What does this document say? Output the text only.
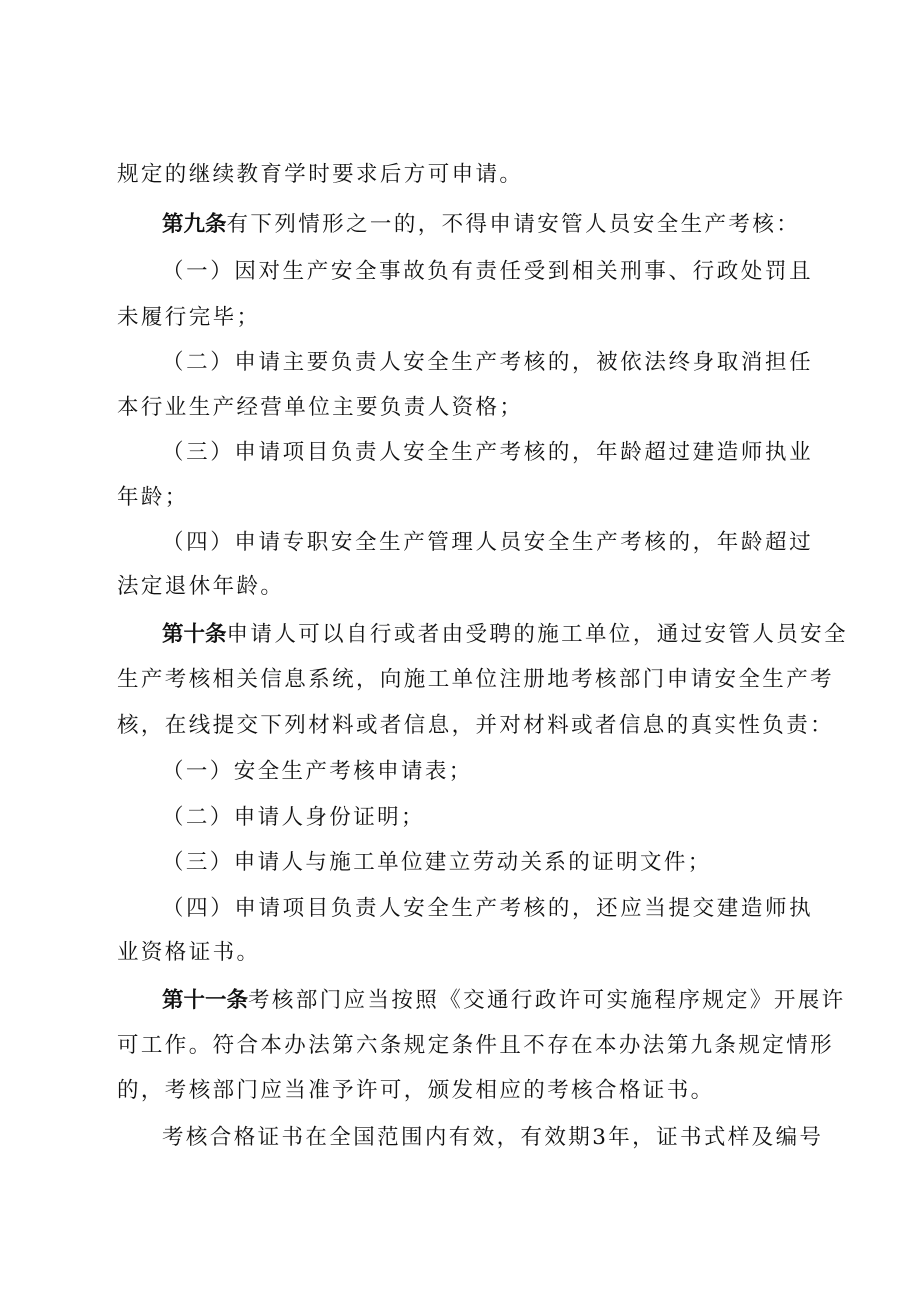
规定的继续教育学时要求后方可申请。
第九条有下列情形之一的，不得申请安管人员安全生产考核：
（一）因对生产安全事故负有责任受到相关刑事、行政处罚且
未履行完毕；
（二）申请主要负责人安全生产考核的，被依法终身取消担任
本行业生产经营单位主要负责人资格；
（三）申请项目负责人安全生产考核的，年龄超过建造师执业
年龄；
（四）申请专职安全生产管理人员安全生产考核的，年龄超过
法定退休年龄。
第十条申请人可以自行或者由受聘的施工单位，通过安管人员安全
生产考核相关信息系统，向施工单位注册地考核部门申请安全生产考
核，在线提交下列材料或者信息，并对材料或者信息的真实性负责：
（一）安全生产考核申请表；
（二）申请人身份证明；
（三）申请人与施工单位建立劳动关系的证明文件；
（四）申请项目负责人安全生产考核的，还应当提交建造师执
业资格证书。
第十一条考核部门应当按照《交通行政许可实施程序规定》开展许
可工作。符合本办法第六条规定条件且不存在本办法第九条规定情形
的，考核部门应当准予许可，颁发相应的考核合格证书。
考核合格证书在全国范围内有效，有效期3年，证书式样及编号
